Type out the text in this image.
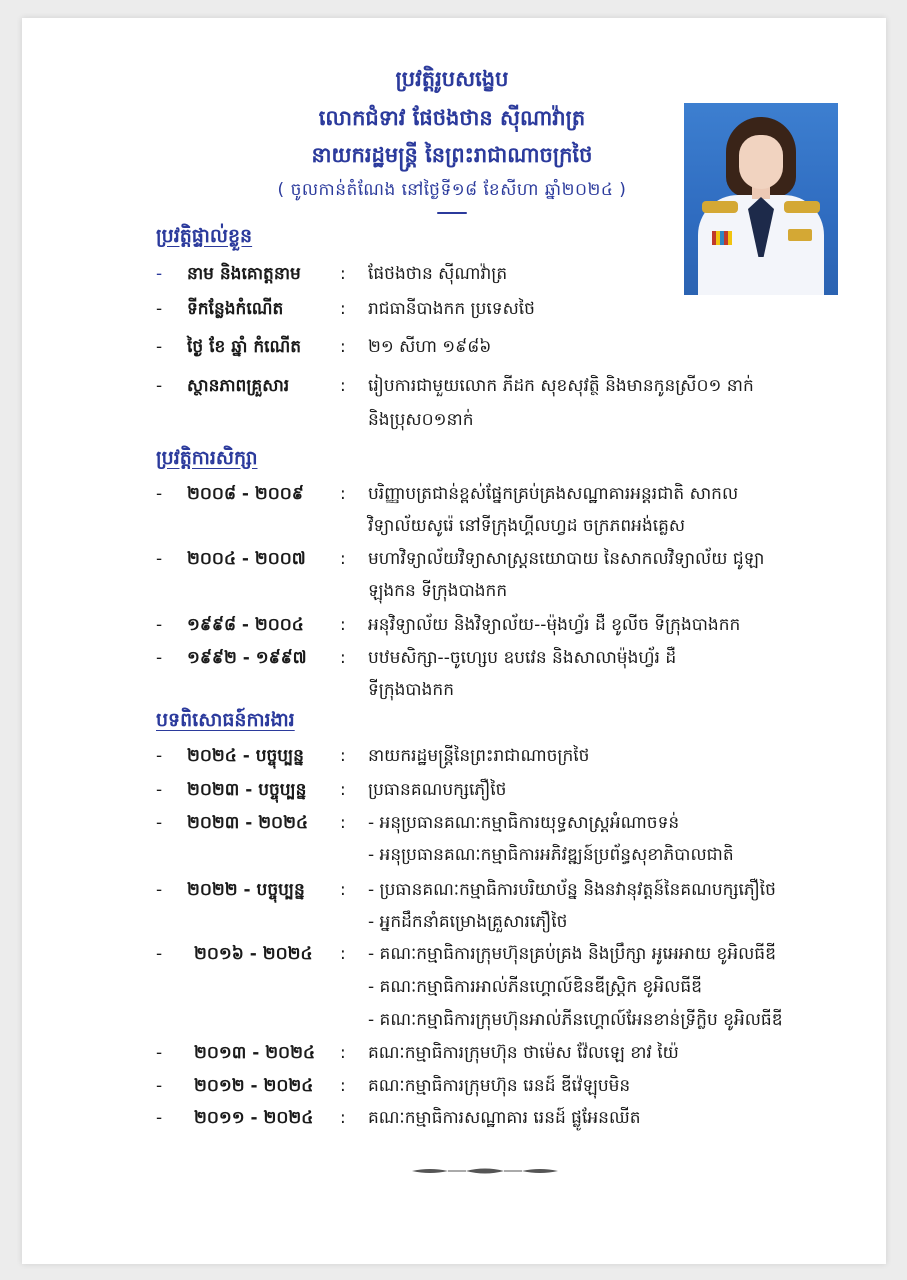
ប្រវត្តិរូបសង្ខេប
លោកជំទាវ ផែថងថាន ស៊ីណាវ៉ាត្រ
នាយករដ្ឋមន្ត្រី នៃព្រះរាជាណាចក្រថៃ
( ចូលកាន់តំណែង នៅថ្ងៃទី១៨ ខែសីហា ឆ្នាំ២០២៤ )
ប្រវត្តិផ្ទាល់ខ្លួន
- នាម និងគោត្តនាម : ផែថងថាន ស៊ីណាវ៉ាត្រ
- ទីកន្លែងកំណើត	: រាជធានីបាងកក ប្រទេសថៃ
- ថ្ងៃ ខែ ឆ្នាំ កំណើត : ២១ សីហា ១៩៨៦
- ស្ថានភាពគ្រួសារ	: រៀបការជាមួយលោក ភីដក សុខសុវត្ថិ និងមានកូនស្រី០១ នាក់
និងប្រុស០១នាក់
ប្រវត្តិការសិក្សា
- ២០០៨ - ២០០៩ : បរិញ្ញាបត្រជាន់ខ្ពស់ផ្នែកគ្រប់គ្រងសណ្ឋាគារអន្តរជាតិ សាកល
វិទ្យាល័យសូរ៉េ នៅទីក្រុងហ្គីលហ្វដ ចក្រភពអង់គ្លេស
- ២០០៤ - ២០០៧ : មហាវិទ្យាល័យវិទ្យាសាស្ត្រនយោបាយ នៃសាកលវិទ្យាល័យ ជូឡា
ឡុងកន ទីក្រុងបាងកក
- ១៩៩៨ - ២០០៤ : អនុវិទ្យាល័យ និងវិទ្យាល័យ--ម៉ុងហ្វ័រ ដឺ ខូលីច ទីក្រុងបាងកក
- ១៩៩២ - ១៩៩៧ : បឋមសិក្សា--ចូហ្សេប ឧបវេន និងសាលាម៉ុងហ្វ័រ ដឺ
ទីក្រុងបាងកក
បទពិសោធន៍ការងារ
- ២០២៤ - បច្ចុប្បន្ន : នាយករដ្ឋមន្ត្រីនៃព្រះរាជាណាចក្រថៃ
- ២០២៣ - បច្ចុប្បន្ន : ប្រធានគណបក្សភឿថៃ
- ២០២៣ - ២០២៤ : - អនុប្រធានគណៈកម្មាធិការយុទ្ធសាស្ត្រអំណាចទន់
- អនុប្រធានគណៈកម្មាធិការអភិវឌ្ឍន៍ប្រព័ន្ធសុខាភិបាលជាតិ
- ២០២២ - បច្ចុប្បន្ន : - ប្រធានគណៈកម្មាធិការបរិយាប័ន្ន និងនវានុវត្តន៍នៃគណបក្សភឿថៃ
- អ្នកដឹកនាំគម្រោងគ្រួសារភឿថៃ
- ២០១៦ - ២០២៤ : - គណៈកម្មាធិការក្រុមហ៊ុនគ្រប់គ្រង និងប្រឹក្សា អូអេអាយ ខូអិលធីឌី
- គណៈកម្មាធិការអាល់ភីនហ្គោល៍ឌិនឌីស្ត្រិក ខូអិលធីឌី
- គណៈកម្មាធិការក្រុមហ៊ុនអាល់ភីនហ្គោល៍អែនខាន់ទ្រីក្លិប ខូអិលធីឌី
- ២០១៣ - ២០២៤ : គណៈកម្មាធិការក្រុមហ៊ុន ថាម៉េស វ៉ែលឡេ ខាវ យ៉ៃ
- ២០១២ - ២០២៤ : គណៈកម្មាធិការក្រុមហ៊ុន រេនដ៍ ឌីវ៉េឡុបមិន
- ២០១១ - ២០២៤ : គណៈកម្មាធិការសណ្ឋាគារ រេនដ៍ ផ្លូអែនឈីត
